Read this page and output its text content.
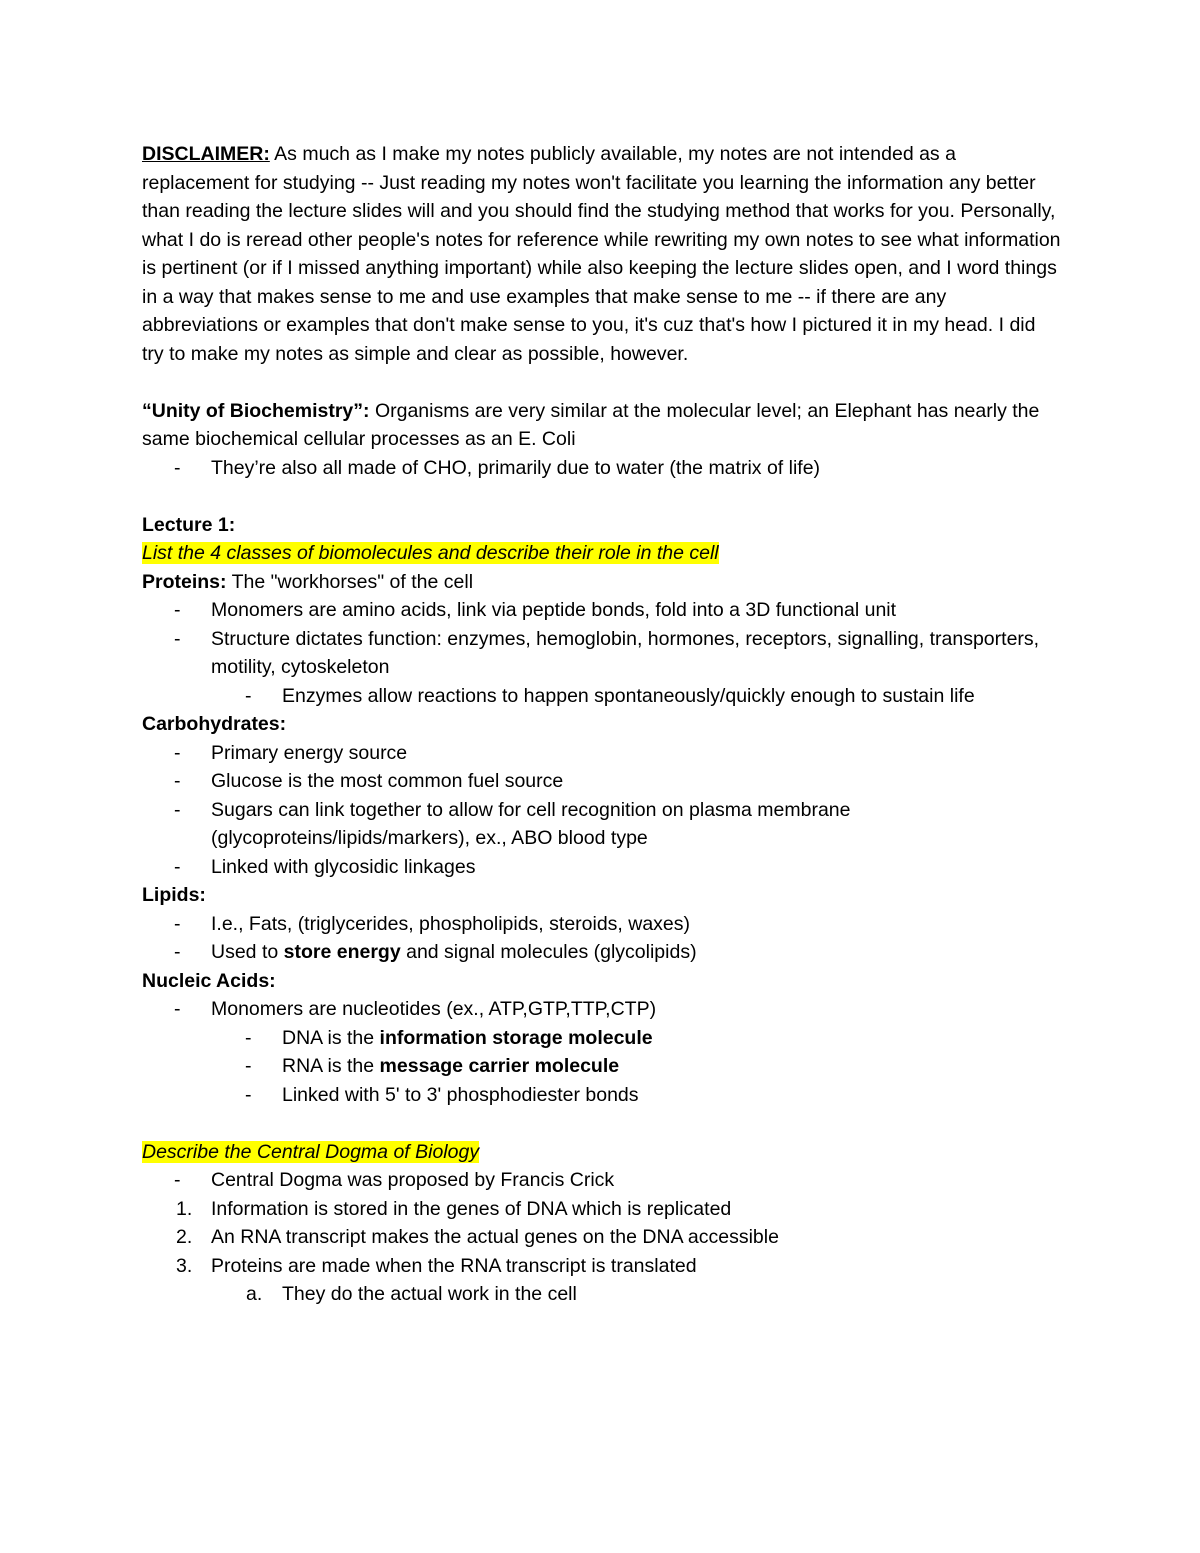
DISCLAIMER: As much as I make my notes publicly available, my notes are not intended as a replacement for studying -- Just reading my notes won't facilitate you learning the information any better than reading the lecture slides will and you should find the studying method that works for you. Personally, what I do is reread other people's notes for reference while rewriting my own notes to see what information is pertinent (or if I missed anything important) while also keeping the lecture slides open, and I word things in a way that makes sense to me and use examples that make sense to me -- if there are any abbreviations or examples that don't make sense to you, it's cuz that's how I pictured it in my head. I did try to make my notes as simple and clear as possible, however.

“Unity of Biochemistry”: Organisms are very similar at the molecular level; an Elephant has nearly the same biochemical cellular processes as an E. Coli

- They’re also all made of CHO, primarily due to water (the matrix of life)

Lecture 1:

List the 4 classes of biomolecules and describe their role in the cell

Proteins: The "workhorses" of the cell

- Monomers are amino acids, link via peptide bonds, fold into a 3D functional unit
- Structure dictates function: enzymes, hemoglobin, hormones, receptors, signalling, transporters, motility, cytoskeleton
- Enzymes allow reactions to happen spontaneously/quickly enough to sustain life

Carbohydrates:

- Primary energy source
- Glucose is the most common fuel source
- Sugars can link together to allow for cell recognition on plasma membrane (glycoproteins/lipids/markers), ex., ABO blood type
- Linked with glycosidic linkages

Lipids:

- I.e., Fats, (triglycerides, phospholipids, steroids, waxes)
- Used to store energy and signal molecules (glycolipids)

Nucleic Acids:

- Monomers are nucleotides (ex., ATP,GTP,TTP,CTP)
- DNA is the information storage molecule
- RNA is the message carrier molecule
- Linked with 5' to 3' phosphodiester bonds

Describe the Central Dogma of Biology

- Central Dogma was proposed by Francis Crick
1. Information is stored in the genes of DNA which is replicated
2. An RNA transcript makes the actual genes on the DNA accessible
3. Proteins are made when the RNA transcript is translated
a. They do the actual work in the cell
